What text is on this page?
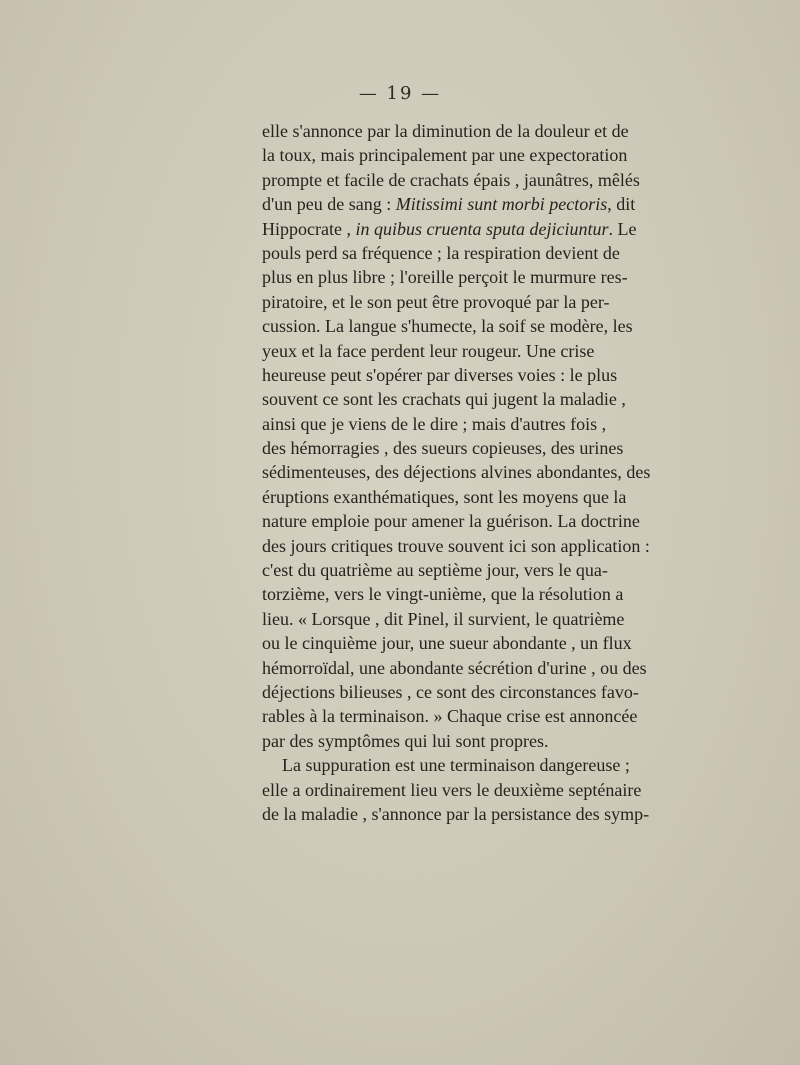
— 19 —
elle s'annonce par la diminution de la douleur et de
la toux, mais principalement par une expectoration
prompte et facile de crachats épais , jaunâtres, mêlés
d'un peu de sang : Mitissimi sunt morbi pectoris, dit
Hippocrate , in quibus cruenta sputa dejiciuntur. Le
pouls perd sa fréquence ; la respiration devient de
plus en plus libre ; l'oreille perçoit le murmure res-
piratoire, et le son peut être provoqué par la per-
cussion. La langue s'humecte, la soif se modère, les
yeux et la face perdent leur rougeur. Une crise
heureuse peut s'opérer par diverses voies : le plus
souvent ce sont les crachats qui jugent la maladie ,
ainsi que je viens de le dire ; mais d'autres fois ,
des hémorragies , des sueurs copieuses, des urines
sédimenteuses, des déjections alvines abondantes, des
éruptions exanthématiques, sont les moyens que la
nature emploie pour amener la guérison. La doctrine
des jours critiques trouve souvent ici son application :
c'est du quatrième au septième jour, vers le qua-
torzième, vers le vingt-unième, que la résolution a
lieu. « Lorsque , dit Pinel, il survient, le quatrième
ou le cinquième jour, une sueur abondante , un flux
hémorroïdal, une abondante sécrétion d'urine , ou des
déjections bilieuses , ce sont des circonstances favo-
rables à la terminaison. » Chaque crise est annoncée
par des symptômes qui lui sont propres.
La suppuration est une terminaison dangereuse ;
elle a ordinairement lieu vers le deuxième septénaire
de la maladie , s'annonce par la persistance des symp-
